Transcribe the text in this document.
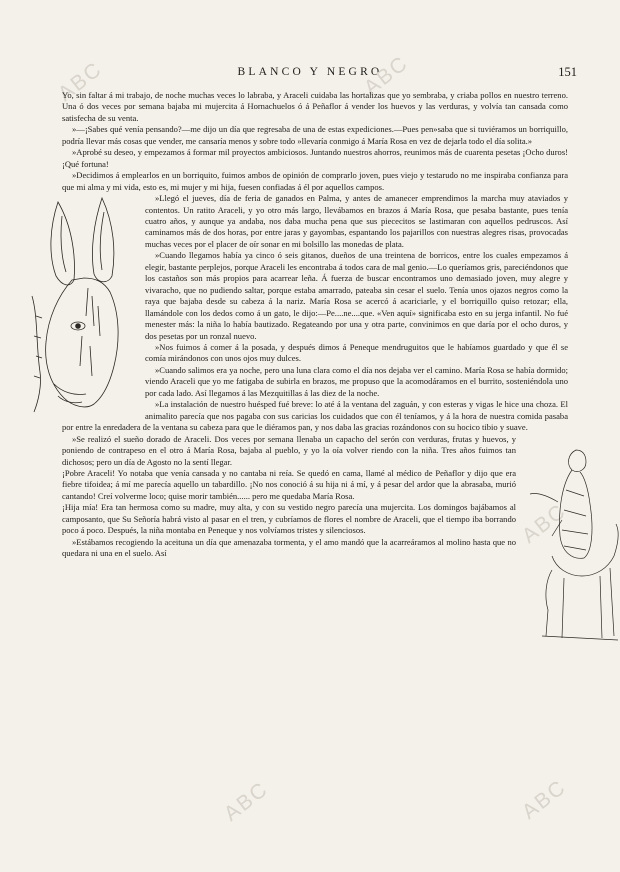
BLANCO Y NEGRO	151
ABC	ABC
ABC
ABC	ABC

Yo, sin faltar á mi trabajo, de noche muchas veces lo labraba, y Araceli cuidaba las hortalizas que yo sembraba, y criaba pollos en nuestro terreno. Una ó dos veces por semana bajaba mi mujercita á Hornachuelos ó á Peñaflor á vender los huevos y las verduras, y volvía tan cansada como satisfecha de su venta.

»—¡Sabes qué venía pensando?—me dijo un día que regresaba de una de estas expediciones.—Pues pen»saba que si tuviéramos un borriquillo, podría llevar más cosas que vender, me cansaría menos y sobre todo »llevaría conmigo á María Rosa en vez de dejarla todo el día solita.»

»Aprobé su deseo, y empezamos á formar mil proyectos ambiciosos. Juntando nuestros ahorros, reunimos más de cuarenta pesetas ¡Ocho duros! ¡Qué fortuna!

»Decidimos á emplearlos en un borriquito, fuimos ambos de opinión de comprarlo joven, pues viejo y testarudo no me inspiraba confianza para que mi alma y mi vida, esto es, mi mujer y mi hija, fuesen confiadas á él por aquellos campos.

»Llegó el jueves, día de feria de ganados en Palma, y antes de amanecer emprendimos la marcha muy ataviados y contentos. Un ratito Araceli, y yo otro más largo, llevábamos en brazos á María Rosa, que pesaba bastante, pues tenía cuatro años, y aunque ya andaba, nos daba mucha pena que sus piececitos se lastimaran con aquellos pedruscos. Así caminamos más de dos horas, por entre jaras y gayombas, espantando los pajarillos con nuestras alegres risas, provocadas muchas veces por el placer de oír sonar en mi bolsillo las monedas de plata.

»Cuando llegamos había ya cinco ó seis gitanos, dueños de una treintena de borricos, entre los cuales empezamos á elegir, bastante perplejos, porque Araceli les encontraba á todos cara de mal genio.—Lo queríamos gris, pareciéndonos que los castaños son más propios para acarrear leña. Á fuerza de buscar encontramos uno demasiado joven, muy alegre y vivaracho, que no pudiendo saltar, porque estaba amarrado, pateaba sin cesar el suelo. Tenía unos ojazos negros como la raya que bajaba desde su cabeza á la nariz. María Rosa se acercó á acariciarle, y el borriquillo quiso retozar; ella, llamándole con los dedos como á un gato, le dijo:—Pe....ne....que. «Ven aquí» significaba esto en su jerga infantil. No fué menester más: la niña lo había bautizado. Regateando por una y otra parte, convinimos en que daría por el ocho duros, y dos pesetas por un ronzal nuevo.

»Nos fuimos á comer á la posada, y después dimos á Peneque mendruguitos que le habíamos guardado y que él se comía mirándonos con unos ojos muy dulces.

»Cuando salimos era ya noche, pero una luna clara como el día nos dejaba ver el camino. María Rosa se había dormido; viendo Araceli que yo me fatigaba de subirla en brazos, me propuso que la acomodáramos en el burrito, sosteniéndola uno por cada lado. Así llegamos á las Mezquitillas á las diez de la noche.

»La instalación de nuestro huésped fué breve: lo até á la ventana del zaguán, y con esteras y vigas le hice una choza. El animalito parecía que nos pagaba con sus caricias los cuidados que con él teníamos, y á la hora de nuestra comida pasaba por entre la enredadera de la ventana su cabeza para que le diéramos pan, y nos daba las gracias rozándonos con su hocico tibio y suave.

»Se realizó el sueño dorado de Araceli. Dos veces por semana llenaba un capacho del serón con verduras, frutas y huevos, y poniendo de contrapeso en el otro á María Rosa, bajaba al pueblo, y yo la oía volver riendo con la niña. Tres años fuimos tan dichosos; pero un día de Agosto no la sentí llegar.

¡Pobre Araceli! Yo notaba que venía cansada y no cantaba ni reía. Se quedó en cama, llamé al médico de Peñaflor y dijo que era fiebre tifoidea; á mí me parecía aquello un tabardillo. ¡No nos conoció á su hija ni á mí, y á pesar del ardor que la abrasaba, murió cantando! Creí volverme loco; quise morir también...... pero me quedaba María Rosa.

¡Hija mía! Era tan hermosa como su madre, muy alta, y con su vestido negro parecía una mujercita. Los domingos bajábamos al camposanto, que Su Señoría habrá visto al pasar en el tren, y cubríamos de flores el nombre de Araceli, que el tiempo iba borrando poco á poco. Después, la niña montaba en Peneque y nos volvíamos tristes y silenciosos.

»Estábamos recogiendo la aceituna un día que amenazaba tormenta, y el amo mandó que la acarreáramos al molino hasta que no quedara ni una en el suelo. Así
